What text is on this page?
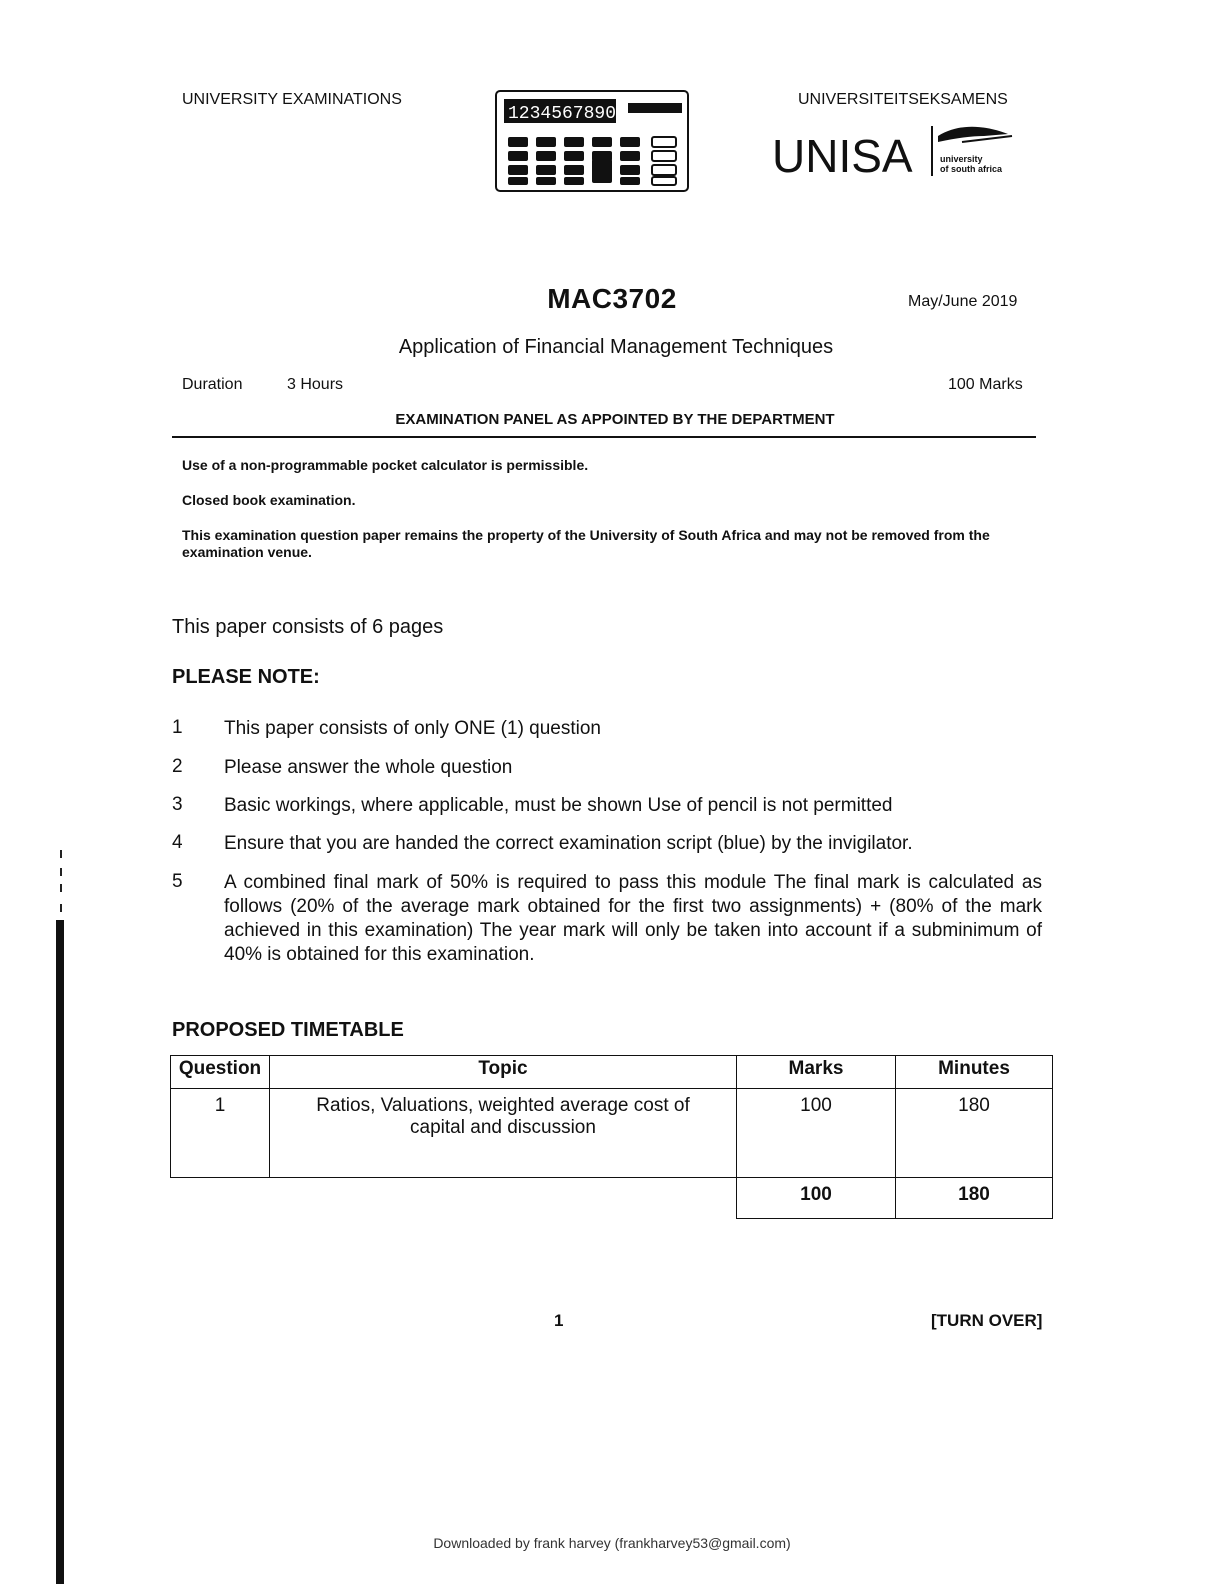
UNIVERSITY EXAMINATIONS	UNIVERSITEITSEKSAMENS
1234567890
UNISA	university
of south africa
MAC3702	May/June 2019
Application of Financial Management Techniques
Duration	3 Hours	100 Marks
EXAMINATION PANEL AS APPOINTED BY THE DEPARTMENT
Use of a non-programmable pocket calculator is permissible.
Closed book examination.
This examination question paper remains the property of the University of South Africa and may not be removed from the examination venue.
This paper consists of 6 pages
PLEASE NOTE:
1 This paper consists of only ONE (1) question
2 Please answer the whole question
3 Basic workings, where applicable, must be shown Use of pencil is not permitted
4 Ensure that you are handed the correct examination script (blue) by the invigilator.
5 A combined final mark of 50% is required to pass this module The final mark is calculated as follows (20% of the average mark obtained for the first two assignments) + (80% of the mark achieved in this examination) The year mark will only be taken into account if a subminimum of 40% is obtained for this examination.
PROPOSED TIMETABLE
Question	Topic	Marks	Minutes
1	Ratios, Valuations, weighted average cost of capital and discussion	100	180
		100	180
1	[TURN OVER]
Downloaded by frank harvey (frankharvey53@gmail.com)
